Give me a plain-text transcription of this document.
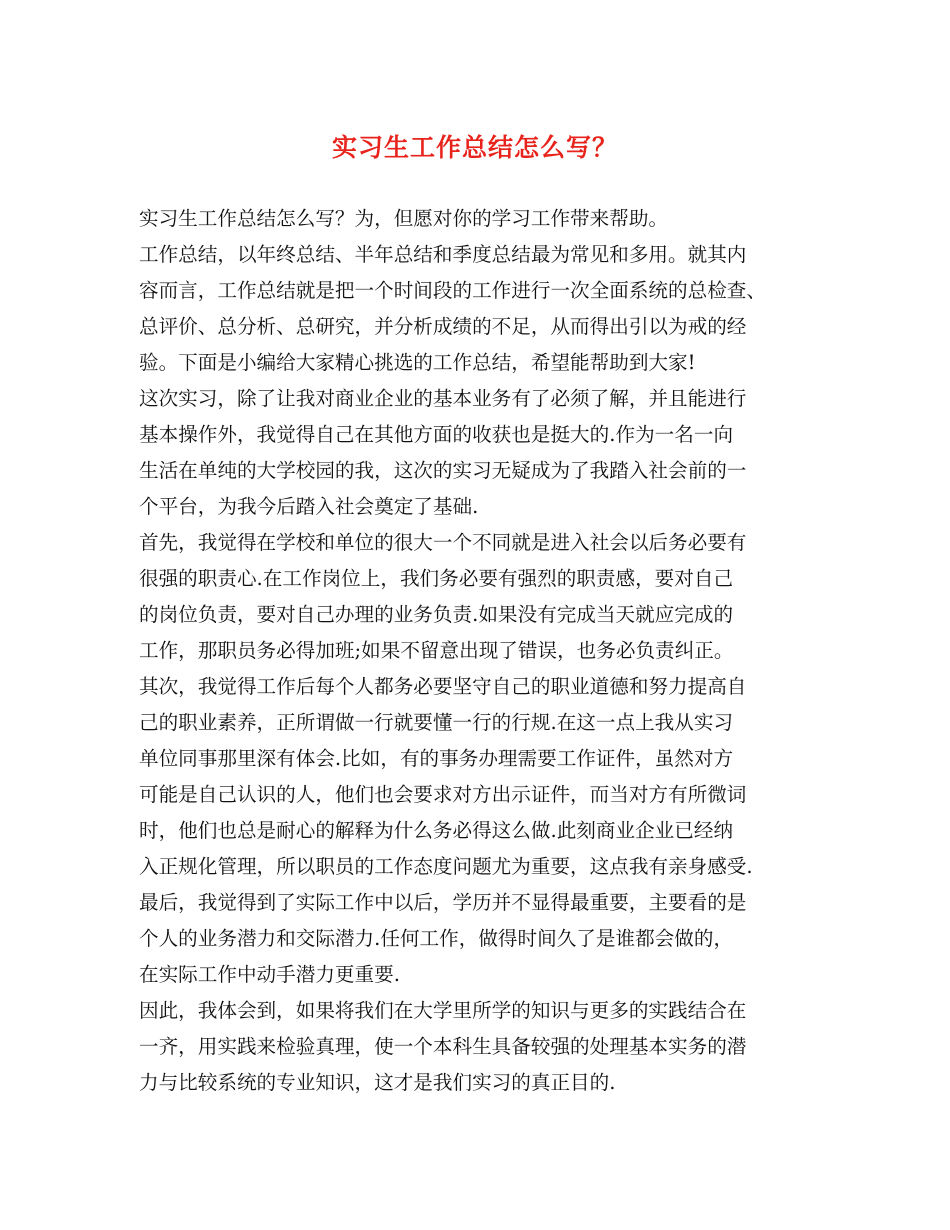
实习生工作总结怎么写？
实习生工作总结怎么写？为，但愿对你的学习工作带来帮助。
工作总结，以年终总结、半年总结和季度总结最为常见和多用。就其内
容而言，工作总结就是把一个时间段的工作进行一次全面系统的总检查、
总评价、总分析、总研究，并分析成绩的不足，从而得出引以为戒的经
验。下面是小编给大家精心挑选的工作总结，希望能帮助到大家!
这次实习，除了让我对商业企业的基本业务有了必须了解，并且能进行
基本操作外，我觉得自己在其他方面的收获也是挺大的.作为一名一向
生活在单纯的大学校园的我，这次的实习无疑成为了我踏入社会前的一
个平台，为我今后踏入社会奠定了基础.
首先，我觉得在学校和单位的很大一个不同就是进入社会以后务必要有
很强的职责心.在工作岗位上，我们务必要有强烈的职责感，要对自己
的岗位负责，要对自己办理的业务负责.如果没有完成当天就应完成的
工作，那职员务必得加班;如果不留意出现了错误，也务必负责纠正。
其次，我觉得工作后每个人都务必要坚守自己的职业道德和努力提高自
己的职业素养，正所谓做一行就要懂一行的行规.在这一点上我从实习
单位同事那里深有体会.比如，有的事务办理需要工作证件，虽然对方
可能是自己认识的人，他们也会要求对方出示证件，而当对方有所微词
时，他们也总是耐心的解释为什么务必得这么做.此刻商业企业已经纳
入正规化管理，所以职员的工作态度问题尤为重要，这点我有亲身感受.
最后，我觉得到了实际工作中以后，学历并不显得最重要，主要看的是
个人的业务潜力和交际潜力.任何工作，做得时间久了是谁都会做的，
在实际工作中动手潜力更重要.
因此，我体会到，如果将我们在大学里所学的知识与更多的实践结合在
一齐，用实践来检验真理，使一个本科生具备较强的处理基本实务的潜
力与比较系统的专业知识，这才是我们实习的真正目的.
